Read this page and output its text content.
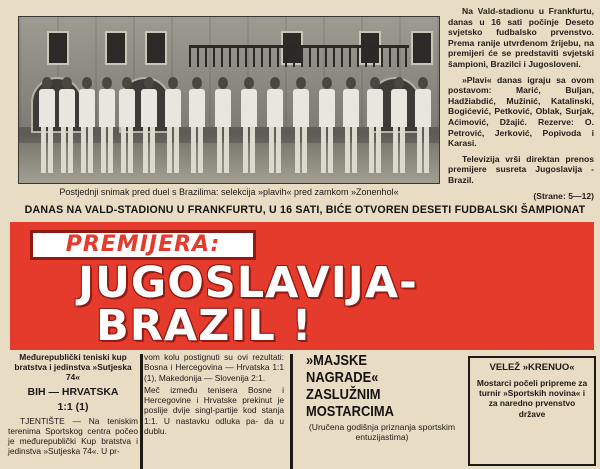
Postjednji snimak pred duel s Brazilima: selekcija »plavih« pred zamkom »Zonenhol«

Na Vald-stadionu u Frankfurtu, danas u 16 sati počinje Deseto svjetsko fudbalsko prvenstvo. Prema ranije utvrđenom žrijebu, na premijeri će se predstaviti svjetski šampioni, Brazilci i Jugosloveni.

»Plavi« danas igraju sa ovom postavom: Marić, Buljan, Hadžiabdić, Mužinić, Katalinski, Bogićević, Petković, Oblak, Surjak, Aćimović, Džajić. Rezerve: O. Petrović, Jerković, Popivoda i Karasi.

Televizija vrši direktan prenos premijere susreta Jugoslavija - Brazil.

(Strane: 5—12)

DANAS NA VALD-STADIONU U FRANKFURTU, U 16 SATI, BIĆE OTVOREN DESETI FUDBALSKI ŠAMPIONAT
PREMIJERA:
JUGOSLAVIJA-
BRAZIL !
Međurepublički teniski kup bratstva i jedinstva »Sutjeska 74«
BIH — HRVATSKA
1:1 (1)
TJENTIŠTE — Na teniskim terenima Sportskog centra počeo je međurepublički Kup bratstva i jedinstva »Sutjeska 74«. U pr-

vom kolu postignuti su ovi rezultati: Bosna i Hercegovina — Hrvatska 1:1 (1), Makedonija — Slovenija 2:1.

Meč između tenisera Bosne i Hercegovine i Hrvatske prekinut je poslije dvije singl-partije kod stanja 1:1. U nastavku odluka pa- da u dublu.

»MAJSKE NAGRADE« ZASLUŽNIM MOSTARCIMA
(Uručena godišnja priznanja sportskim entuzijastima)
VELEŽ »KRENUO«
Mostarci počeli pripreme za turnir »Sportskih novina« i za naredno prvenstvo države
